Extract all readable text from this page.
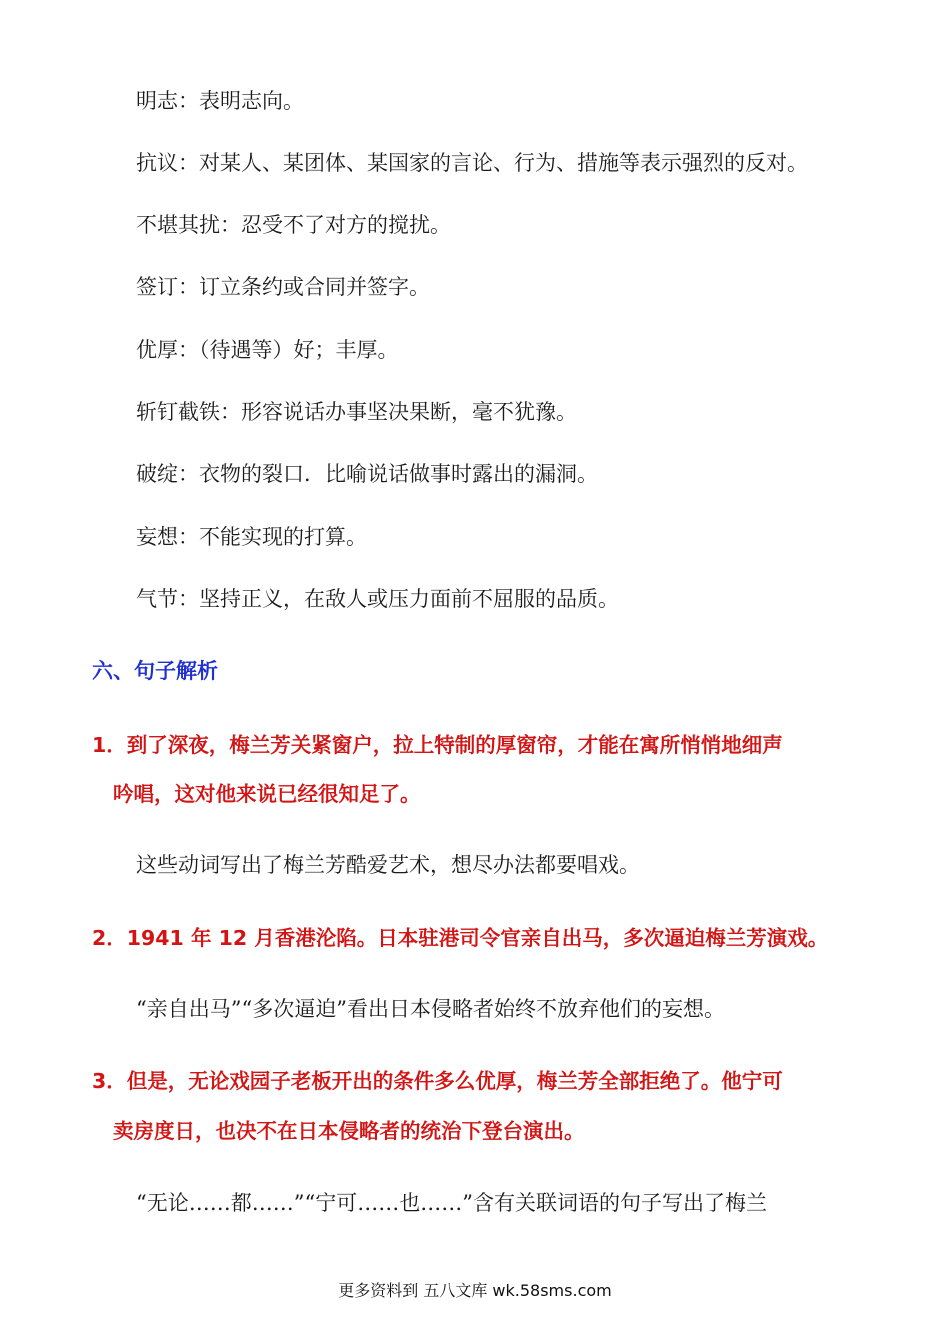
明志：表明志向。
抗议：对某人、某团体、某国家的言论、行为、措施等表示强烈的反对。
不堪其扰：忍受不了对方的搅扰。
签订：订立条约或合同并签字。
优厚：（待遇等）好；丰厚。
斩钉截铁：形容说话办事坚决果断，毫不犹豫。
破绽：衣物的裂口．比喻说话做事时露出的漏洞。
妄想：不能实现的打算。
气节：坚持正义，在敌人或压力面前不屈服的品质。
六、句子解析
1．到了深夜，梅兰芳关紧窗户，拉上特制的厚窗帘，才能在寓所悄悄地细声
吟唱，这对他来说已经很知足了。
这些动词写出了梅兰芳酷爱艺术，想尽办法都要唱戏。
2．1941 年 12 月香港沦陷。日本驻港司令官亲自出马，多次逼迫梅兰芳演戏。
“亲自出马”“多次逼迫”看出日本侵略者始终不放弃他们的妄想。
3．但是，无论戏园子老板开出的条件多么优厚，梅兰芳全部拒绝了。他宁可
卖房度日，也决不在日本侵略者的统治下登台演出。
“无论……都……”“宁可……也……”含有关联词语的句子写出了梅兰
更多资料到 五八文库 wk.58sms.com
